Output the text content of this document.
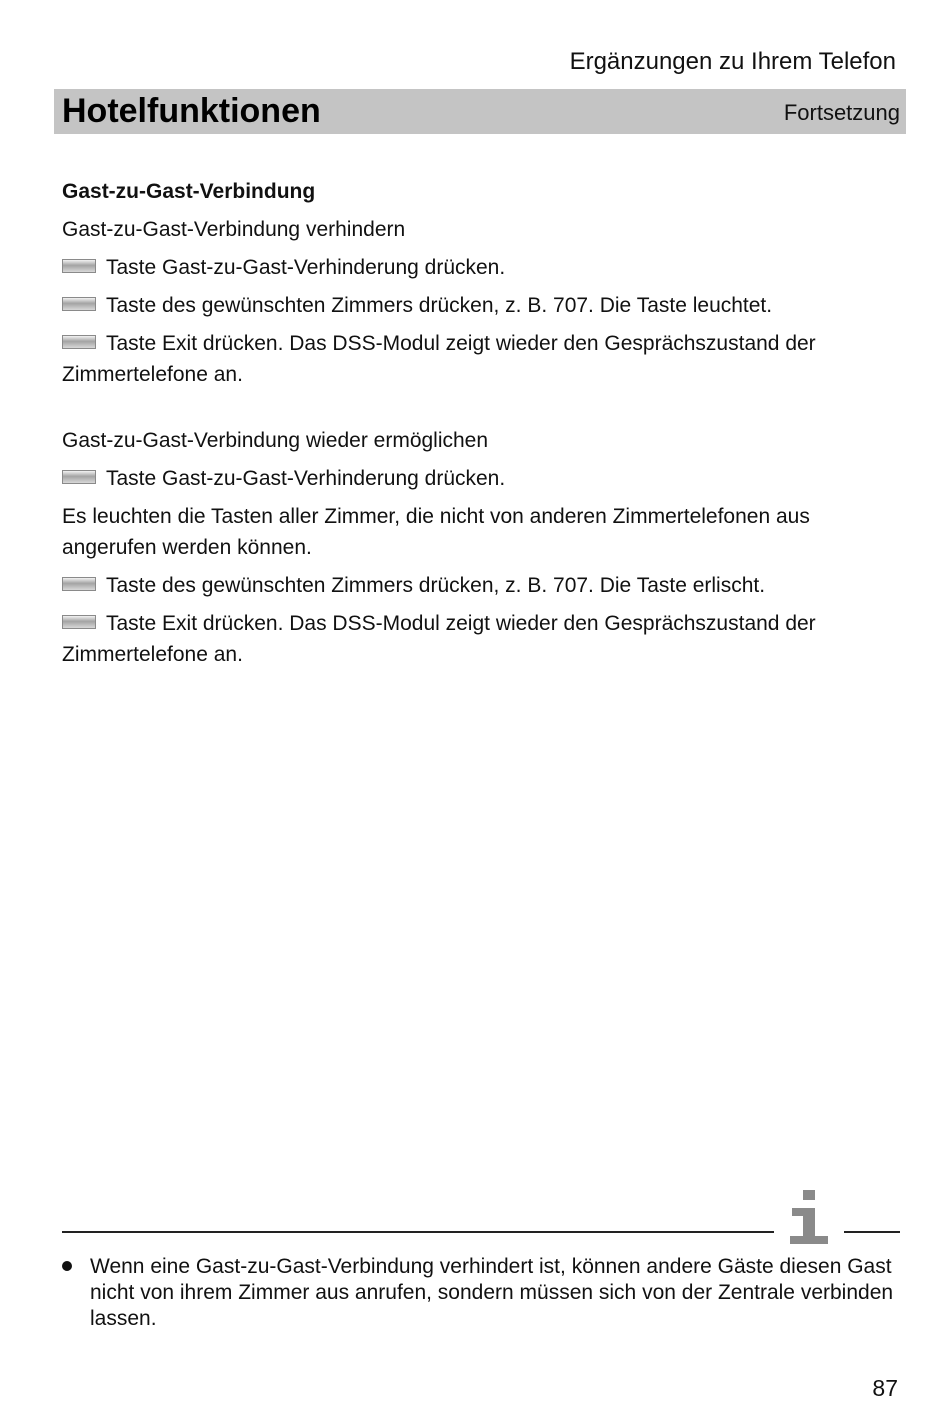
Ergänzungen zu Ihrem Telefon
Hotelfunktionen	Fortsetzung
Gast-zu-Gast-Verbindung
Gast-zu-Gast-Verbindung verhindern
Taste Gast-zu-Gast-Verhinderung drücken.
Taste des gewünschten Zimmers drücken, z. B. 707. Die Taste leuchtet.
Taste Exit drücken. Das DSS-Modul zeigt wieder den Gesprächszustand der Zimmertelefone an.
Gast-zu-Gast-Verbindung wieder ermöglichen
Taste Gast-zu-Gast-Verhinderung drücken.
Es leuchten die Tasten aller Zimmer, die nicht von anderen Zimmertelefonen aus angerufen werden können.
Taste des gewünschten Zimmers drücken, z. B. 707. Die Taste erlischt.
Taste Exit drücken. Das DSS-Modul zeigt wieder den Gesprächszustand der Zimmertelefone an.
Wenn eine Gast-zu-Gast-Verbindung verhindert ist, können andere Gäste diesen Gast nicht von ihrem Zimmer aus anrufen, sondern müssen sich von der Zentrale verbinden lassen.
87
